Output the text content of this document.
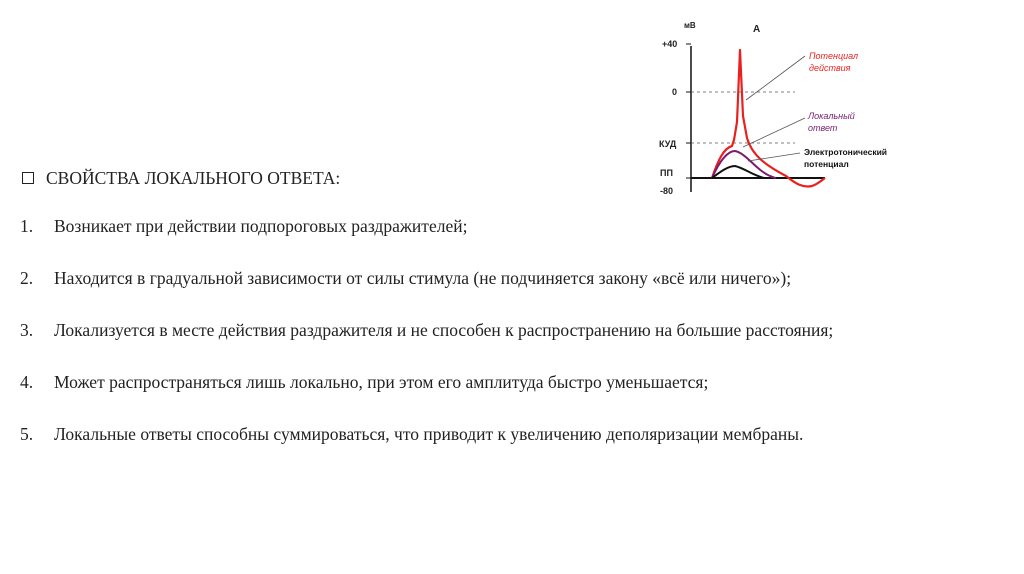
мВ	А
+40
0
КУД
ПП
-80
Потенциал
действия
Локальный
ответ
Электротонический
потенциал
СВОЙСТВА ЛОКАЛЬНОГО ОТВЕТА:
1.	Возникает при действии подпороговых раздражителей;
2.	Находится в градуальной зависимости от силы стимула (не подчиняется закону «всё или ничего»);
3.	Локализуется в месте действия раздражителя и не способен к распространению на большие расстояния;
4.	Может распространяться лишь локально, при этом его амплитуда быстро уменьшается;
5.	Локальные ответы способны суммироваться, что приводит к увеличению деполяризации мембраны.
